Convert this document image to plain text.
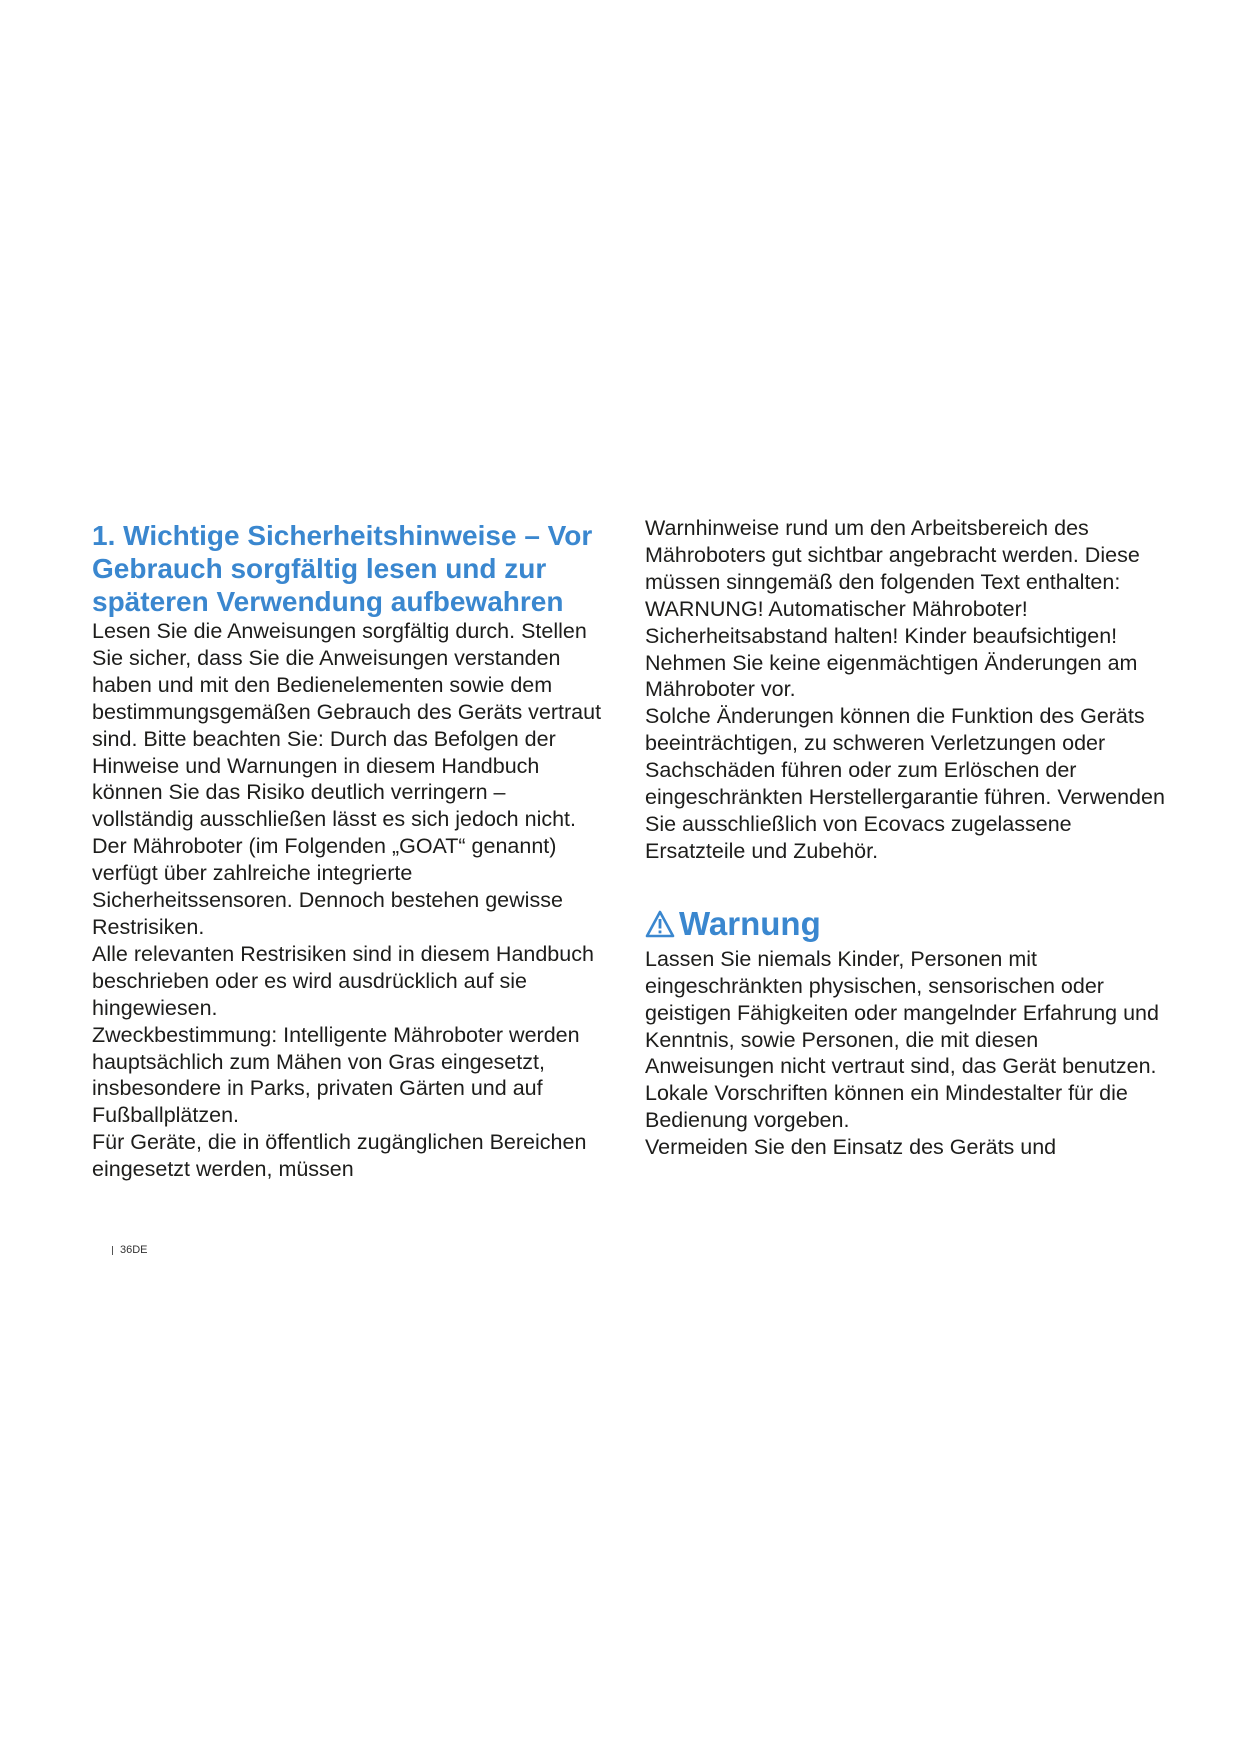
1. Wichtige Sicherheitshinweise – Vor Gebrauch sorgfältig lesen und zur späteren Verwendung aufbewahren

Lesen Sie die Anweisungen sorgfältig durch. Stellen Sie sicher, dass Sie die Anweisungen verstanden haben und mit den Bedienelementen sowie dem bestimmungsgemäßen Gebrauch des Geräts vertraut sind. Bitte beachten Sie: Durch das Befolgen der Hinweise und Warnungen in diesem Handbuch können Sie das Risiko deutlich verringern – vollständig ausschließen lässt es sich jedoch nicht.

Der Mähroboter (im Folgenden „GOAT“ genannt) verfügt über zahlreiche integrierte Sicherheitssensoren. Dennoch bestehen gewisse Restrisiken.

Alle relevanten Restrisiken sind in diesem Handbuch beschrieben oder es wird ausdrücklich auf sie hingewiesen.

Zweckbestimmung: Intelligente Mähroboter werden hauptsächlich zum Mähen von Gras eingesetzt, insbesondere in Parks, privaten Gärten und auf Fußballplätzen.

Für Geräte, die in öffentlich zugänglichen Bereichen eingesetzt werden, müssen

Warnhinweise rund um den Arbeitsbereich des Mähroboters gut sichtbar angebracht werden. Diese müssen sinngemäß den folgenden Text enthalten: WARNUNG! Automatischer Mähroboter!

Sicherheitsabstand halten! Kinder beaufsichtigen! Nehmen Sie keine eigenmächtigen Änderungen am Mähroboter vor.

Solche Änderungen können die Funktion des Geräts beeinträchtigen, zu schweren Verletzungen oder Sachschäden führen oder zum Erlöschen der eingeschränkten Herstellergarantie führen. Verwenden Sie ausschließlich von Ecovacs zugelassene Ersatzteile und Zubehör.

Warnung

Lassen Sie niemals Kinder, Personen mit eingeschränkten physischen, sensorischen oder geistigen Fähigkeiten oder mangelnder Erfahrung und Kenntnis, sowie Personen, die mit diesen Anweisungen nicht vertraut sind, das Gerät benutzen. Lokale Vorschriften können ein Mindestalter für die Bedienung vorgeben.

Vermeiden Sie den Einsatz des Geräts und

36DE
